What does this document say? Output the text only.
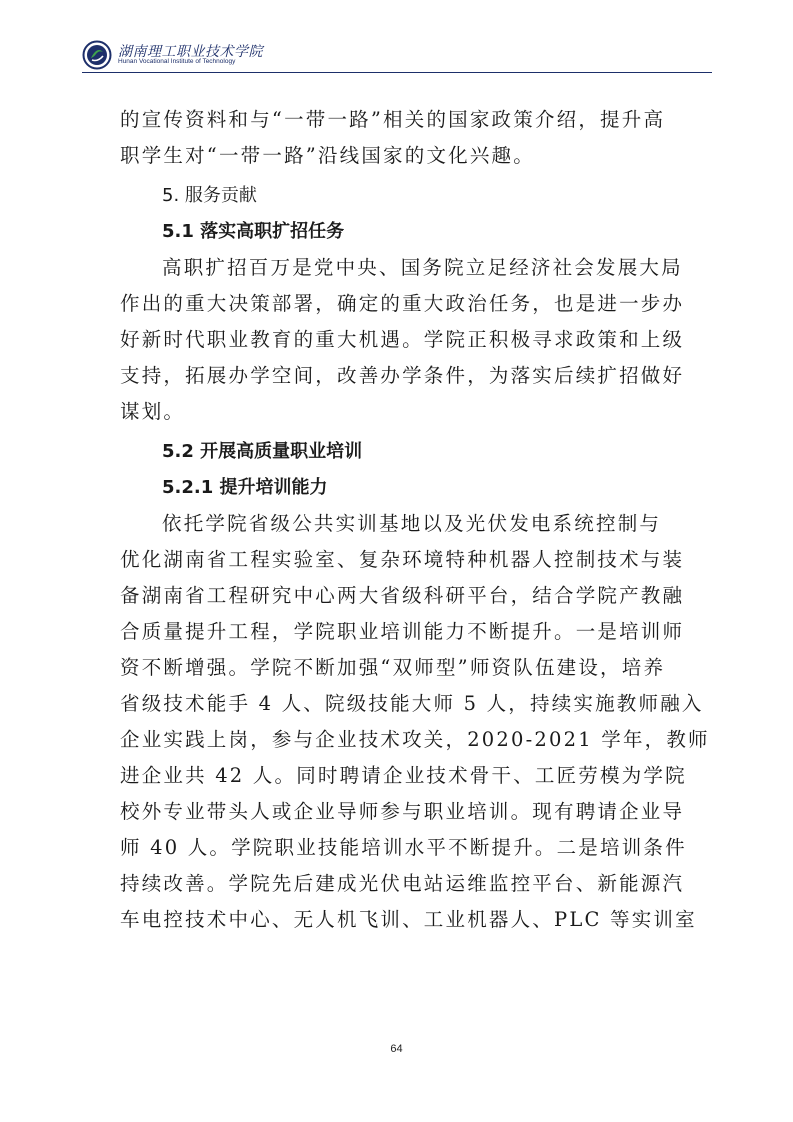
湖南理工职业技术学院
Hunan Vocational Institute of Technology

的宣传资料和与“一带一路”相关的国家政策介绍，提升高

职学生对“一带一路”沿线国家的文化兴趣。

5. 服务贡献

5.1 落实高职扩招任务

高职扩招百万是党中央、国务院立足经济社会发展大局

作出的重大决策部署，确定的重大政治任务，也是进一步办

好新时代职业教育的重大机遇。学院正积极寻求政策和上级

支持，拓展办学空间，改善办学条件，为落实后续扩招做好

谋划。

5.2 开展高质量职业培训

5.2.1 提升培训能力

依托学院省级公共实训基地以及光伏发电系统控制与

优化湖南省工程实验室、复杂环境特种机器人控制技术与装

备湖南省工程研究中心两大省级科研平台，结合学院产教融

合质量提升工程，学院职业培训能力不断提升。一是培训师

资不断增强。学院不断加强“双师型”师资队伍建设，培养

省级技术能手 4 人、院级技能大师 5 人，持续实施教师融入

企业实践上岗，参与企业技术攻关，2020-2021 学年，教师

进企业共 42 人。同时聘请企业技术骨干、工匠劳模为学院

校外专业带头人或企业导师参与职业培训。现有聘请企业导

师 40 人。学院职业技能培训水平不断提升。二是培训条件

持续改善。学院先后建成光伏电站运维监控平台、新能源汽

车电控技术中心、无人机飞训、工业机器人、PLC 等实训室

64
